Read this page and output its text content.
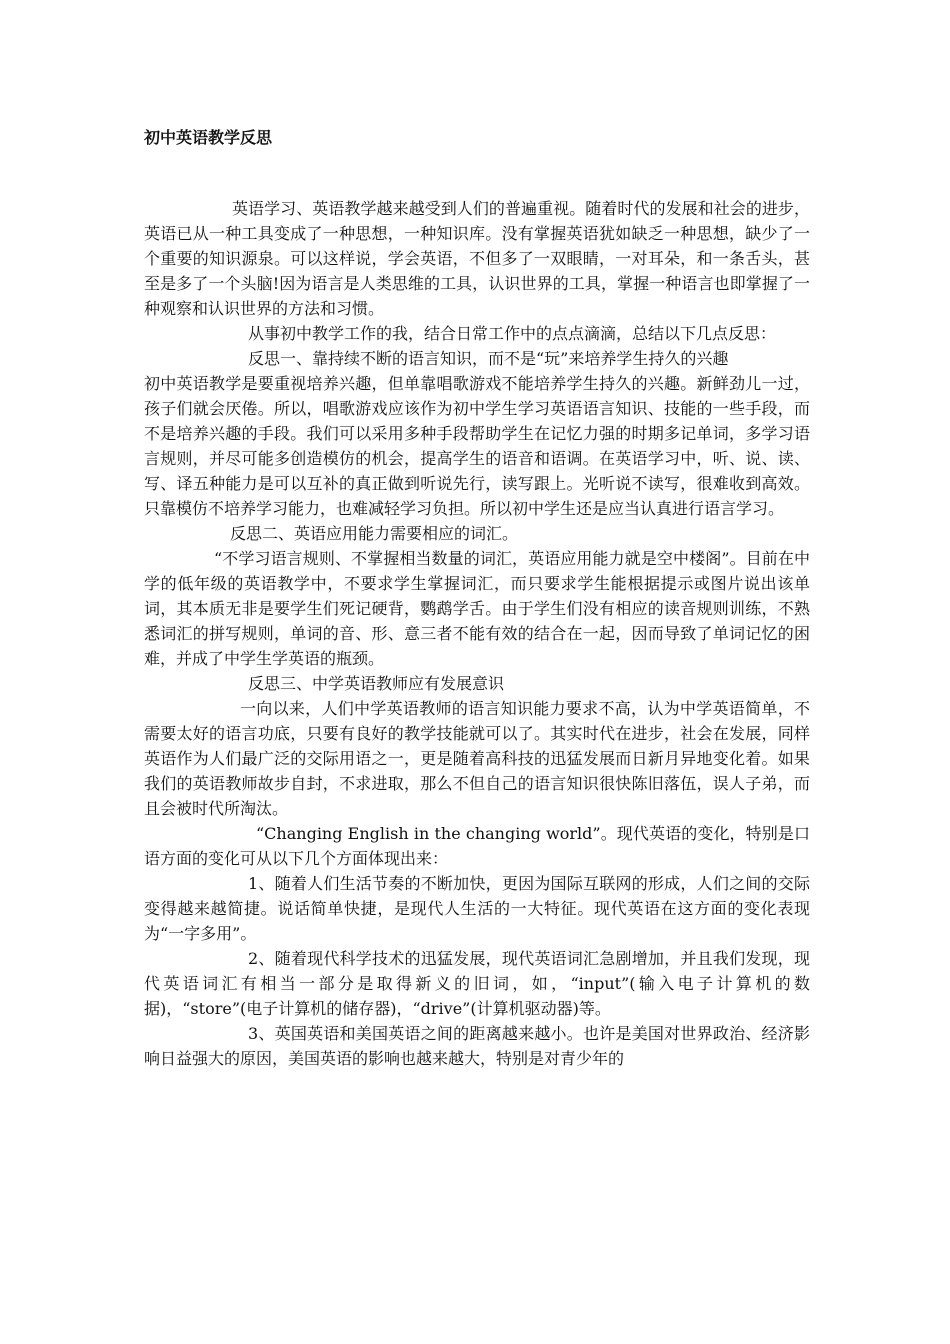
初中英语教学反思

英语学习、英语教学越来越受到人们的普遍重视。随着时代的发展和社会的进步，英语已从一种工具变成了一种思想，一种知识库。没有掌握英语犹如缺乏一种思想，缺少了一个重要的知识源泉。可以这样说，学会英语，不但多了一双眼睛，一对耳朵，和一条舌头，甚至是多了一个头脑!因为语言是人类思维的工具，认识世界的工具，掌握一种语言也即掌握了一种观察和认识世界的方法和习惯。

从事初中教学工作的我，结合日常工作中的点点滴滴，总结以下几点反思：

反思一、靠持续不断的语言知识，而不是“玩”来培养学生持久的兴趣

初中英语教学是要重视培养兴趣，但单靠唱歌游戏不能培养学生持久的兴趣。新鲜劲儿一过，孩子们就会厌倦。所以，唱歌游戏应该作为初中学生学习英语语言知识、技能的一些手段，而不是培养兴趣的手段。我们可以采用多种手段帮助学生在记忆力强的时期多记单词，多学习语言规则，并尽可能多创造模仿的机会，提高学生的语音和语调。在英语学习中，听、说、读、写、译五种能力是可以互补的真正做到听说先行，读写跟上。光听说不读写，很难收到高效。只靠模仿不培养学习能力，也难减轻学习负担。所以初中学生还是应当认真进行语言学习。

反思二、英语应用能力需要相应的词汇。

“不学习语言规则、不掌握相当数量的词汇，英语应用能力就是空中楼阁”。目前在中学的低年级的英语教学中，不要求学生掌握词汇，而只要求学生能根据提示或图片说出该单词，其本质无非是要学生们死记硬背，鹦鹉学舌。由于学生们没有相应的读音规则训练，不熟悉词汇的拼写规则，单词的音、形、意三者不能有效的结合在一起，因而导致了单词记忆的困难，并成了中学生学英语的瓶颈。

反思三、中学英语教师应有发展意识

一向以来，人们中学英语教师的语言知识能力要求不高，认为中学英语简单，不需要太好的语言功底，只要有良好的教学技能就可以了。其实时代在进步，社会在发展，同样英语作为人们最广泛的交际用语之一，更是随着高科技的迅猛发展而日新月异地变化着。如果我们的英语教师故步自封，不求进取，那么不但自己的语言知识很快陈旧落伍，误人子弟，而且会被时代所淘汰。

“Changing English in the changing world”。现代英语的变化，特别是口语方面的变化可从以下几个方面体现出来：

1、随着人们生活节奏的不断加快，更因为国际互联网的形成，人们之间的交际变得越来越简捷。说话简单快捷，是现代人生活的一大特征。现代英语在这方面的变化表现为“一字多用”。

2、随着现代科学技术的迅猛发展，现代英语词汇急剧增加，并且我们发现，现代英语词汇有相当一部分是取得新义的旧词，如，“input”(输入电子计算机的数据)，“store”(电子计算机的储存器)，“drive”(计算机驱动器)等。

3、英国英语和美国英语之间的距离越来越小。也许是美国对世界政治、经济影响日益强大的原因，美国英语的影响也越来越大，特别是对青少年的
